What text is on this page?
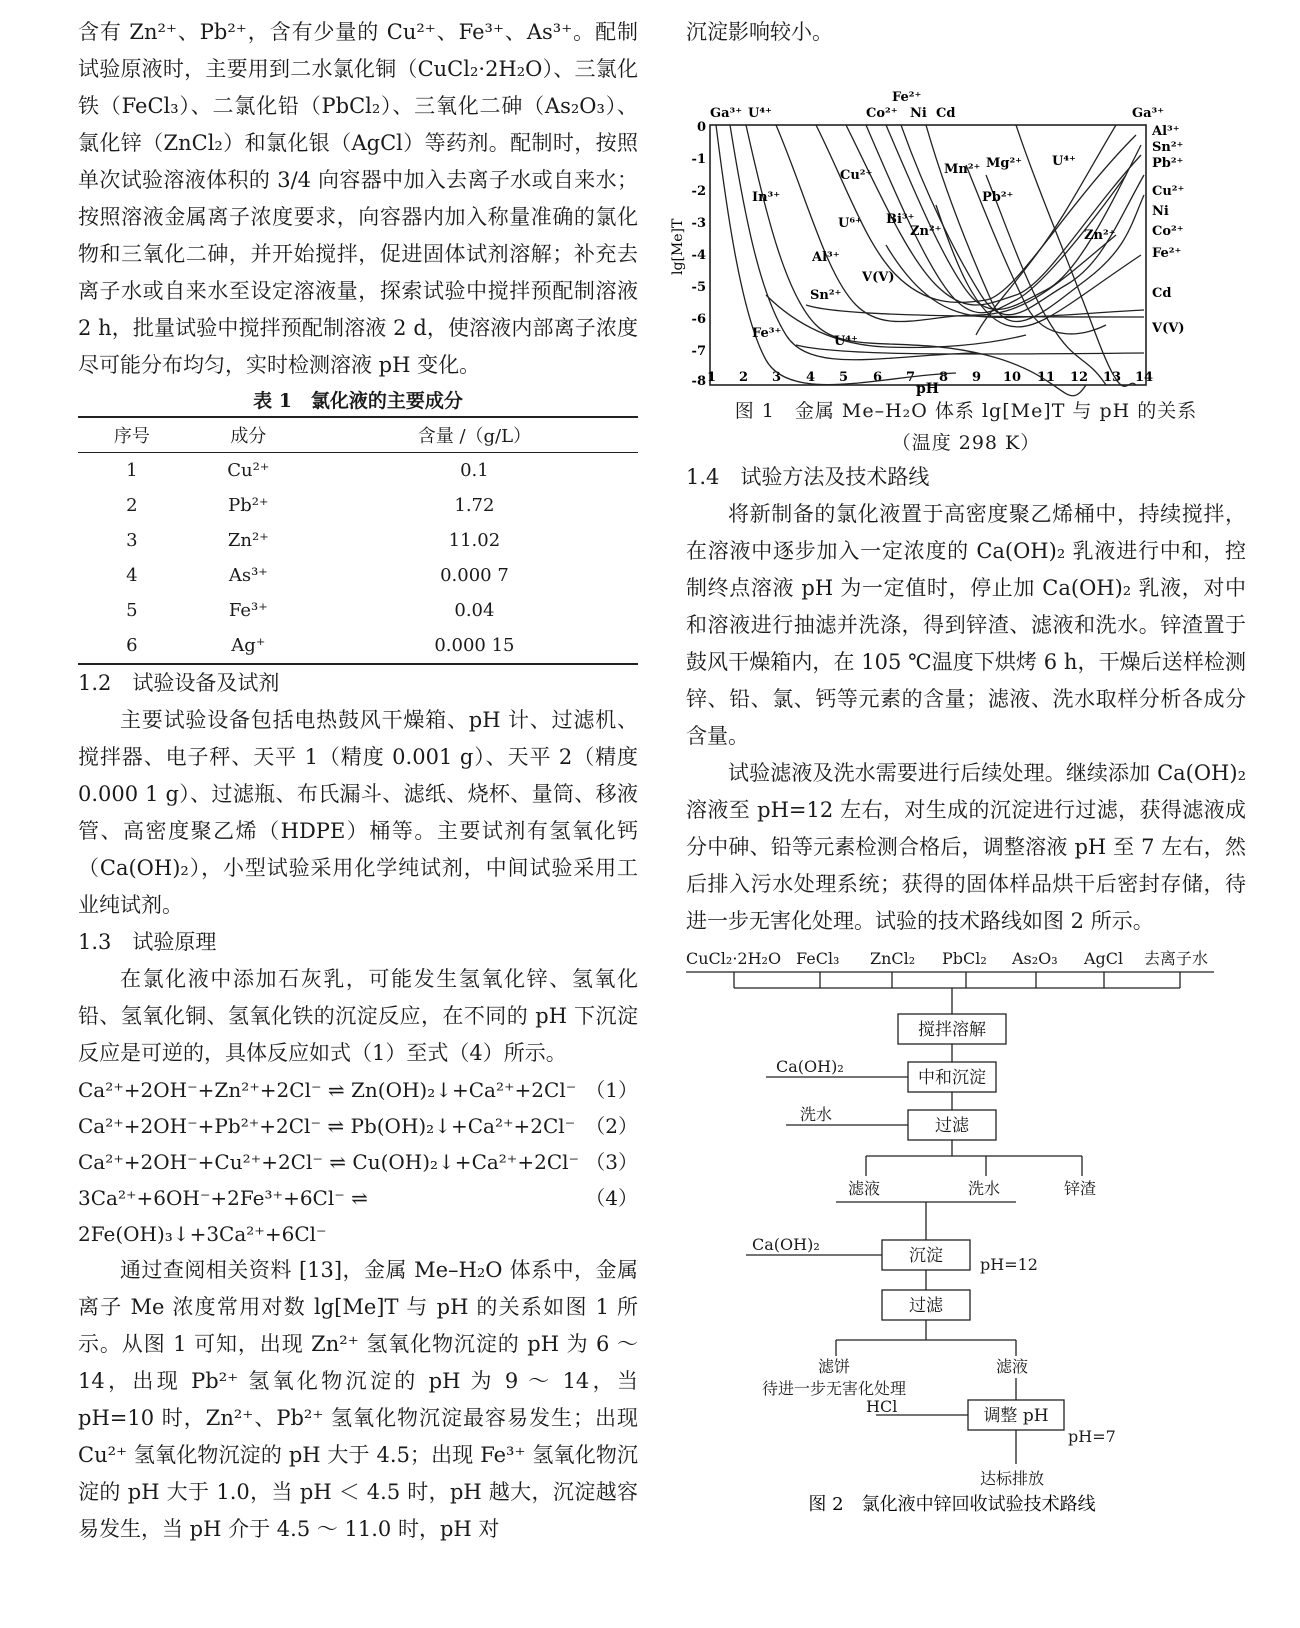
含有 Zn²⁺、Pb²⁺，含有少量的 Cu²⁺、Fe³⁺、As³⁺。配制试验原液时，主要用到二水氯化铜（CuCl₂·2H₂O）、三氯化铁（FeCl₃）、二氯化铅（PbCl₂）、三氧化二砷（As₂O₃）、氯化锌（ZnCl₂）和氯化银（AgCl）等药剂。配制时，按照单次试验溶液体积的 3/4 向容器中加入去离子水或自来水；按照溶液金属离子浓度要求，向容器内加入称量准确的氯化物和三氧化二砷，并开始搅拌，促进固体试剂溶解；补充去离子水或自来水至设定溶液量，探索试验中搅拌预配制溶液 2 h，批量试验中搅拌预配制溶液 2 d，使溶液内部离子浓度尽可能分布均匀，实时检测溶液 pH 变化。

表 1　氯化液的主要成分

序号	成分	含量 /（g/L）
1	Cu²⁺	0.1
2	Pb²⁺	1.72
3	Zn²⁺	11.02
4	As³⁺	0.000 7
5	Fe³⁺	0.04
6	Ag⁺	0.000 15

1.2　试验设备及试剂

主要试验设备包括电热鼓风干燥箱、pH 计、过滤机、搅拌器、电子秤、天平 1（精度 0.001 g）、天平 2（精度 0.000 1 g）、过滤瓶、布氏漏斗、滤纸、烧杯、量筒、移液管、高密度聚乙烯（HDPE）桶等。主要试剂有氢氧化钙（Ca(OH)₂），小型试验采用化学纯试剂，中间试验采用工业纯试剂。

1.3　试验原理

在氯化液中添加石灰乳，可能发生氢氧化锌、氢氧化铅、氢氧化铜、氢氧化铁的沉淀反应，在不同的 pH 下沉淀反应是可逆的，具体反应如式（1）至式（4）所示。

Ca²⁺+2OH⁻+Zn²⁺+2Cl⁻ ⇌ Zn(OH)₂↓+Ca²⁺+2Cl⁻ （1）

Ca²⁺+2OH⁻+Pb²⁺+2Cl⁻ ⇌ Pb(OH)₂↓+Ca²⁺+2Cl⁻ （2）

Ca²⁺+2OH⁻+Cu²⁺+2Cl⁻ ⇌ Cu(OH)₂↓+Ca²⁺+2Cl⁻ （3）

3Ca²⁺+6OH⁻+2Fe³⁺+6Cl⁻ ⇌ 2Fe(OH)₃↓+3Ca²⁺+6Cl⁻
（4）

通过查阅相关资料 [13]，金属 Me–H₂O 体系中，金属离子 Me 浓度常用对数 lg[Me]T 与 pH 的关系如图 1 所示。从图 1 可知，出现 Zn²⁺ 氢氧化物沉淀的 pH 为 6 ～ 14，出现 Pb²⁺ 氢氧化物沉淀的 pH 为 9 ～ 14，当 pH=10 时，Zn²⁺、Pb²⁺ 氢氧化物沉淀最容易发生；出现 Cu²⁺ 氢氧化物沉淀的 pH 大于 4.5；出现 Fe³⁺ 氢氧化物沉淀的 pH 大于 1.0，当 pH ＜ 4.5 时，pH 越大，沉淀越容易发生，当 pH 介于 4.5 ～ 11.0 时，pH 对

沉淀影响较小。

lg[Me]T
pH
1 2 3 4 5 6 7 8 9 10 11 12 13 14
0
-1
-2
-3
-4
-5
-6
-7
-8
Ga³⁺ U⁴⁺	Co²⁺
Fe²⁺
Ni Cd	Ga³⁺
Al³⁺
Sn²⁺
Pb²⁺
Cu²⁺
Ni
Co²⁺
Fe²⁺
Cd
V(V)
In³⁺
Cu²⁺	Mn²⁺ Mg²⁺ U⁴⁺
Pb²⁺
U⁶⁺ Bi³⁺
Zn²⁺	Zn²⁺
Al³⁺
V(V)
Sn²⁺
Fe³⁺
U⁴⁺

图 1　金属 Me–H₂O 体系 lg[Me]T 与 pH 的关系

（温度 298 K）

1.4　试验方法及技术路线

将新制备的氯化液置于高密度聚乙烯桶中，持续搅拌，在溶液中逐步加入一定浓度的 Ca(OH)₂ 乳液进行中和，控制终点溶液 pH 为一定值时，停止加 Ca(OH)₂ 乳液，对中和溶液进行抽滤并洗涤，得到锌渣、滤液和洗水。锌渣置于鼓风干燥箱内，在 105 ℃温度下烘烤 6 h，干燥后送样检测锌、铅、氯、钙等元素的含量；滤液、洗水取样分析各成分含量。

试验滤液及洗水需要进行后续处理。继续添加 Ca(OH)₂ 溶液至 pH=12 左右，对生成的沉淀进行过滤，获得滤液成分中砷、铅等元素检测合格后，调整溶液 pH 至 7 左右，然后排入污水处理系统；获得的固体样品烘干后密封存储，待进一步无害化处理。试验的技术路线如图 2 所示。

CuCl₂·2H₂O FeCl₃ ZnCl₂ PbCl₂ As₂O₃ AgCl 去离子水
搅拌溶解
中和沉淀
过滤
沉淀
过滤
调整 pH
Ca(OH)₂
洗水
滤液	洗水	锌渣
Ca(OH)₂
pH=12
滤饼
待进一步无害化处理
滤液
HCl
pH=7
达标排放
图 2　氯化液中锌回收试验技术路线
